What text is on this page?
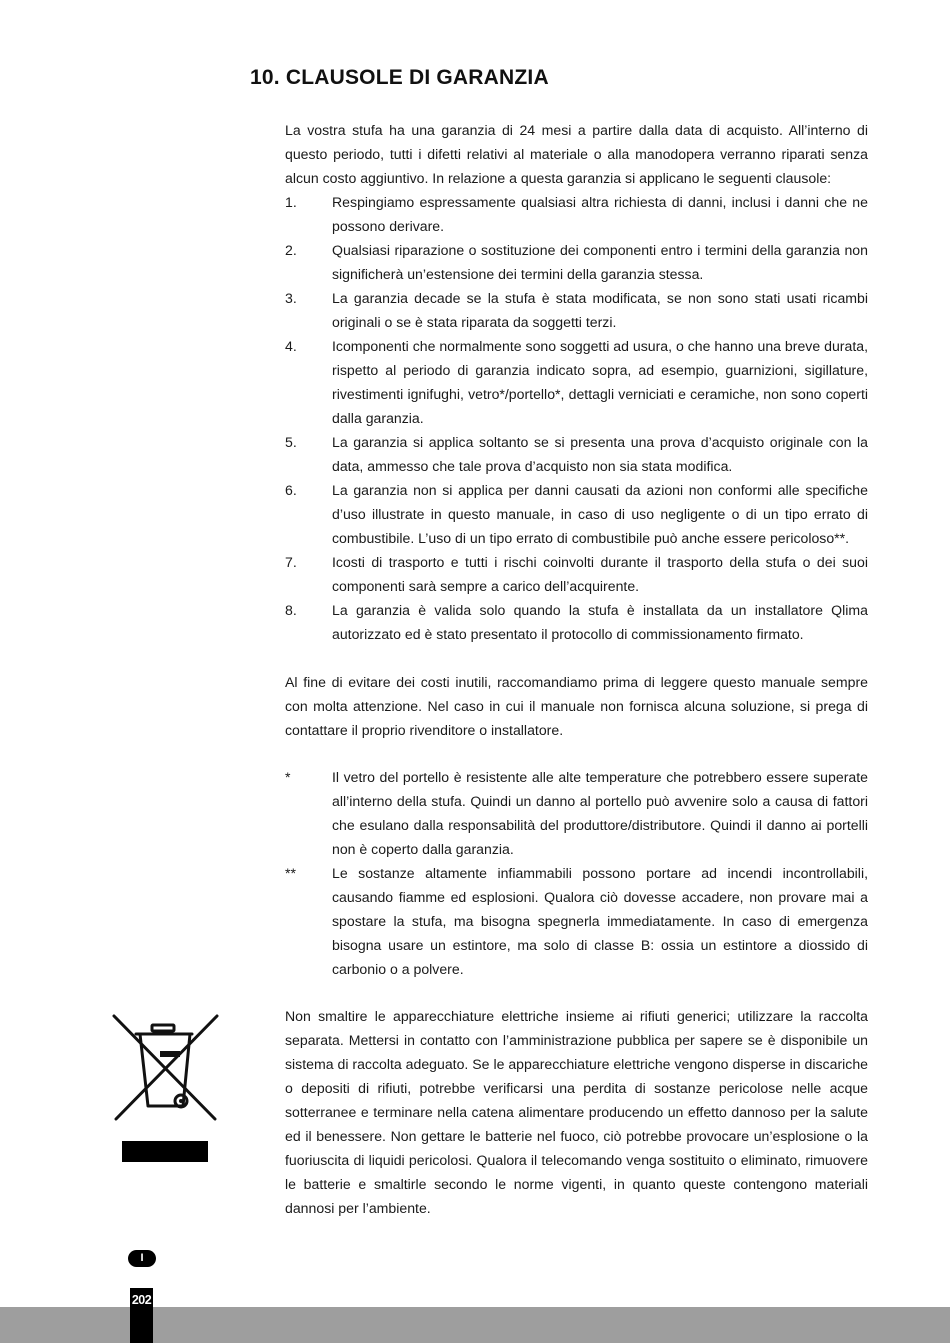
10. CLAUSOLE DI GARANZIA

La vostra stufa ha una garanzia di 24 mesi a partire dalla data di acquisto. All’interno di questo periodo, tutti i difetti relativi al materiale o alla manodopera verranno riparati senza alcun costo aggiuntivo. In relazione a questa garanzia si applicano le seguenti clausole:

1.	Respingiamo espressamente qualsiasi altra richiesta di danni, inclusi i danni che ne possono derivare.
2.	Qualsiasi riparazione o sostituzione dei componenti entro i termini della garanzia non significherà un’estensione dei termini della garanzia stessa.
3.	La garanzia decade se la stufa è stata modificata, se non sono stati usati ricambi originali o se è stata riparata da soggetti terzi.
4.	Icomponenti che normalmente sono soggetti ad usura, o che hanno una breve durata, rispetto al periodo di garanzia indicato sopra, ad esempio, guarnizioni, sigillature, rivestimenti ignifughi, vetro*/portello*, dettagli verniciati e ceramiche, non sono coperti dalla garanzia.
5.	La garanzia si applica soltanto se si presenta una prova d’acquisto originale con la data, ammesso che tale prova d’acquisto non sia stata modifica.
6.	La garanzia non si applica per danni causati da azioni non conformi alle specifiche d’uso illustrate in questo manuale, in caso di uso negligente o di un tipo errato di combustibile. L’uso di un tipo errato di combustibile può anche essere pericoloso**.
7.	Icosti di trasporto e tutti i rischi coinvolti durante il trasporto della stufa o dei suoi componenti sarà sempre a carico dell’acquirente.
8.	La garanzia è valida solo quando la stufa è installata da un installatore Qlima autorizzato ed è stato presentato il protocollo di commissionamento firmato.

Al fine di evitare dei costi inutili, raccomandiamo prima di leggere questo manuale sempre con molta attenzione. Nel caso in cui il manuale non fornisca alcuna soluzione, si prega di contattare il proprio rivenditore o installatore.

*	Il vetro del portello è resistente alle alte temperature che potrebbero essere superate all’interno della stufa. Quindi un danno al portello può avvenire solo a causa di fattori che esulano dalla responsabilità del produttore/distributore. Quindi il danno ai portelli non è coperto dalla garanzia.
**	Le sostanze altamente infiammabili possono portare ad incendi incontrollabili, causando fiamme ed esplosioni. Qualora ciò dovesse accadere, non provare mai a spostare la stufa, ma bisogna spegnerla immediatamente. In caso di emergenza bisogna usare un estintore, ma solo di classe B: ossia un estintore a diossido di carbonio o a polvere.

Non smaltire le apparecchiature elettriche insieme ai rifiuti generici; utilizzare la raccolta separata. Mettersi in contatto con l’amministrazione pubblica per sapere se è disponibile un sistema di raccolta adeguato. Se le apparecchiature elettriche vengono disperse in discariche o depositi di rifiuti, potrebbe verificarsi una perdita di sostanze pericolose nelle acque sotterranee e terminare nella catena alimentare producendo un effetto dannoso per la salute ed il benessere. Non gettare le batterie nel fuoco, ciò potrebbe provocare un’esplosione o la fuoriuscita di liquidi pericolosi. Qualora il telecomando venga sostituito o eliminato, rimuovere le batterie e smaltirle secondo le norme vigenti, in quanto queste contengono materiali dannosi per l’ambiente.

I
202
